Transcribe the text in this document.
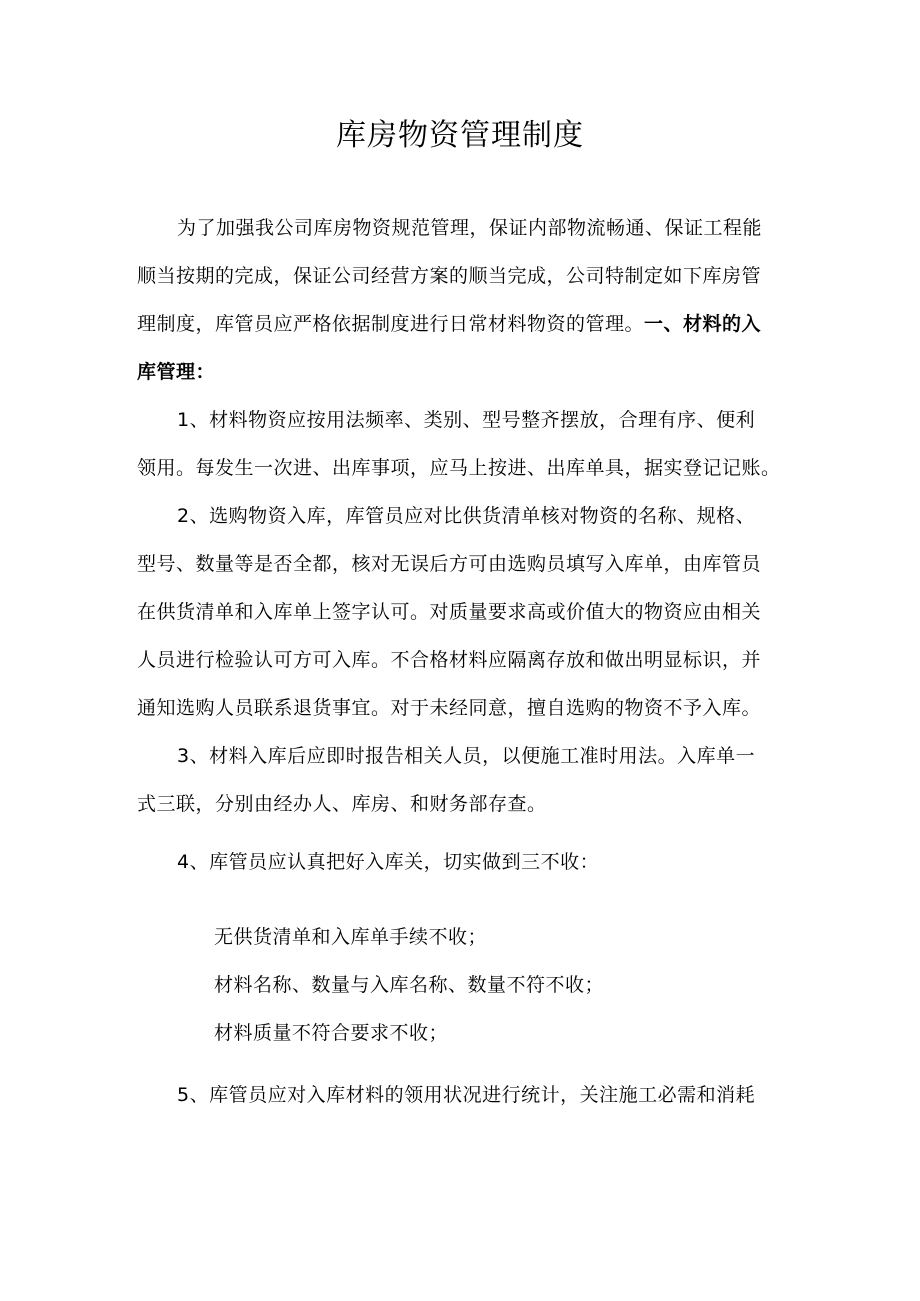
库房物资管理制度
为了加强我公司库房物资规范管理，保证内部物流畅通、保证工程能
顺当按期的完成，保证公司经营方案的顺当完成，公司特制定如下库房管
理制度，库管员应严格依据制度进行日常材料物资的管理。一、材料的入
库管理：
1、材料物资应按用法频率、类别、型号整齐摆放，合理有序、便利
领用。每发生一次进、出库事项，应马上按进、出库单具，据实登记记账。
2、选购物资入库，库管员应对比供货清单核对物资的名称、规格、
型号、数量等是否全都，核对无误后方可由选购员填写入库单，由库管员
在供货清单和入库单上签字认可。对质量要求高或价值大的物资应由相关
人员进行检验认可方可入库。不合格材料应隔离存放和做出明显标识，并
通知选购人员联系退货事宜。对于未经同意，擅自选购的物资不予入库。
3、材料入库后应即时报告相关人员，以便施工准时用法。入库单一
式三联，分别由经办人、库房、和财务部存查。
4、库管员应认真把好入库关，切实做到三不收：
无供货清单和入库单手续不收；
材料名称、数量与入库名称、数量不符不收；
材料质量不符合要求不收；
5、库管员应对入库材料的领用状况进行统计，关注施工必需和消耗
